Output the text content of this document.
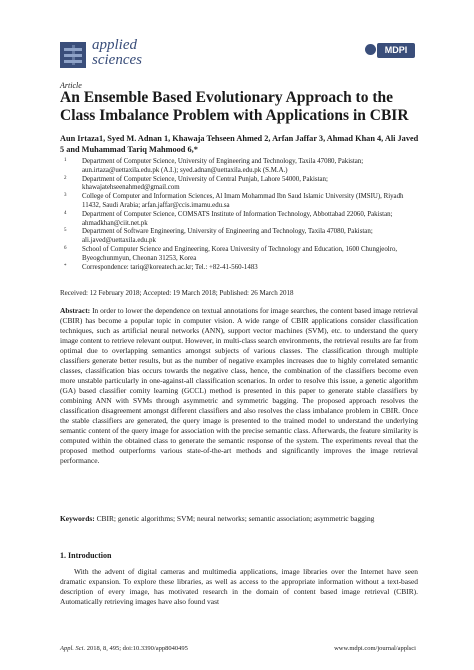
applied
sciences
MDPI
Article
An Ensemble Based Evolutionary Approach to the Class Imbalance Problem with Applications in CBIR
Aun Irtaza1, Syed M. Adnan 1, Khawaja Tehseen Ahmed 2, Arfan Jaffar 3, Ahmad Khan 4, Ali Javed 5 and Muhammad Tariq Mahmood 6,*
1 Department of Computer Science, University of Engineering and Technology, Taxila 47080, Pakistan; aun.irtaza@uettaxila.edu.pk (A.I.); syed.adnan@uettaxila.edu.pk (S.M.A.)
2 Department of Computer Science, University of Central Punjab, Lahore 54000, Pakistan; khawajatehseenahmed@gmail.com
3 College of Computer and Information Sciences, Al Imam Mohammad Ibn Saud Islamic University (IMSIU), Riyadh 11432, Saudi Arabia; arfan.jaffar@ccis.imamu.edu.sa
4 Department of Computer Science, COMSATS Institute of Information Technology, Abbottabad 22060, Pakistan; ahmadkhan@ciit.net.pk
5 Department of Software Engineering, University of Engineering and Technology, Taxila 47080, Pakistan; ali.javed@uettaxila.edu.pk
6 School of Computer Science and Engineering, Korea University of Technology and Education, 1600 Chungjeolro, Byeogchunmyun, Cheonan 31253, Korea
* Correspondence: tariq@koreatech.ac.kr; Tel.: +82-41-560-1483
Received: 12 February 2018; Accepted: 19 March 2018; Published: 26 March 2018

Abstract: In order to lower the dependence on textual annotations for image searches, the content based image retrieval (CBIR) has become a popular topic in computer vision. A wide range of CBIR applications consider classification techniques, such as artificial neural networks (ANN), support vector machines (SVM), etc. to understand the query image content to retrieve relevant output. However, in multi-class search environments, the retrieval results are far from optimal due to overlapping semantics amongst subjects of various classes. The classification through multiple classifiers generate better results, but as the number of negative examples increases due to highly correlated semantic classes, classification bias occurs towards the negative class, hence, the combination of the classifiers become even more unstable particularly in one-against-all classification scenarios. In order to resolve this issue, a genetic algorithm (GA) based classifier comity learning (GCCL) method is presented in this paper to generate stable classifiers by combining ANN with SVMs through asymmetric and symmetric bagging. The proposed approach resolves the classification disagreement amongst different classifiers and also resolves the class imbalance problem in CBIR. Once the stable classifiers are generated, the query image is presented to the trained model to understand the underlying semantic content of the query image for association with the precise semantic class. Afterwards, the feature similarity is computed within the obtained class to generate the semantic response of the system. The experiments reveal that the proposed method outperforms various state-of-the-art methods and significantly improves the image retrieval performance.

Keywords: CBIR; genetic algorithms; SVM; neural networks; semantic association; asymmetric bagging

1. Introduction

With the advent of digital cameras and multimedia applications, image libraries over the Internet have seen dramatic expansion. To explore these libraries, as well as access to the appropriate information without a text-based description of every image, has motivated research in the domain of content based image retrieval (CBIR). Automatically retrieving images have also found vast

Appl. Sci. 2018, 8, 495; doi:10.3390/app8040495	www.mdpi.com/journal/applsci
